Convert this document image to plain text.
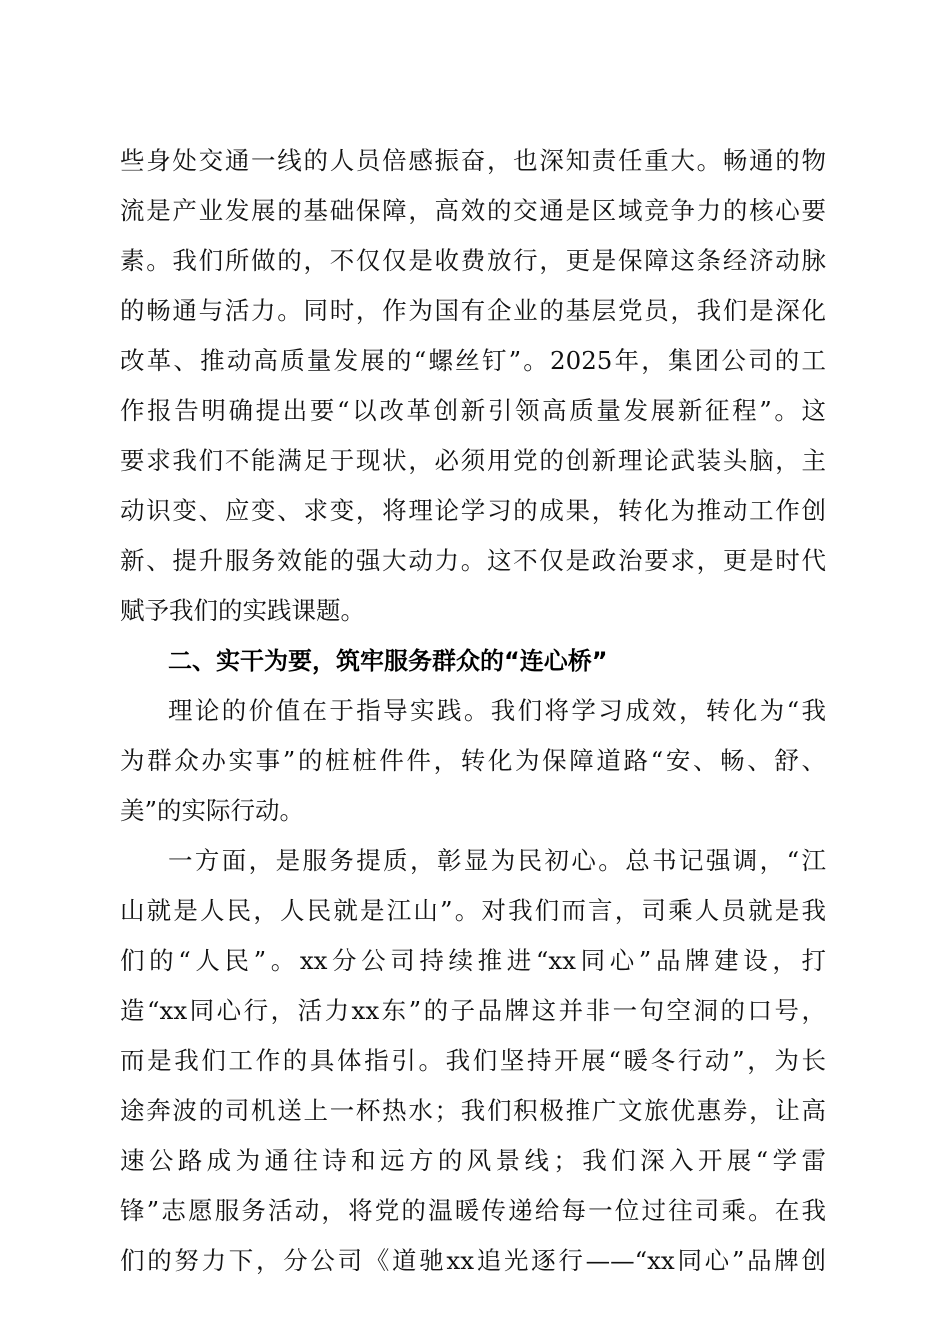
些身处交通一线的人员倍感振奋，也深知责任重大。畅通的物
流是产业发展的基础保障，高效的交通是区域竞争力的核心要
素。我们所做的，不仅仅是收费放行，更是保障这条经济动脉
的畅通与活力。同时，作为国有企业的基层党员，我们是深化
改革、推动高质量发展的“螺丝钉”。2025年，集团公司的工
作报告明确提出要“以改革创新引领高质量发展新征程”。这
要求我们不能满足于现状，必须用党的创新理论武装头脑，主
动识变、应变、求变，将理论学习的成果，转化为推动工作创
新、提升服务效能的强大动力。这不仅是政治要求，更是时代
赋予我们的实践课题。
二、实干为要，筑牢服务群众的“连心桥”
理论的价值在于指导实践。我们将学习成效，转化为“我
为群众办实事”的桩桩件件，转化为保障道路“安、畅、舒、
美”的实际行动。
一方面，是服务提质，彰显为民初心。总书记强调，“江
山就是人民，人民就是江山”。对我们而言，司乘人员就是我
们的“人民”。xx分公司持续推进“xx同心”品牌建设，打
造“xx同心行，活力xx东”的子品牌这并非一句空洞的口号，
而是我们工作的具体指引。我们坚持开展“暖冬行动”，为长
途奔波的司机送上一杯热水；我们积极推广文旅优惠券，让高
速公路成为通往诗和远方的风景线；我们深入开展“学雷
锋”志愿服务活动，将党的温暖传递给每一位过往司乘。在我
们的努力下，分公司《道驰xx追光逐行——“xx同心”品牌创
